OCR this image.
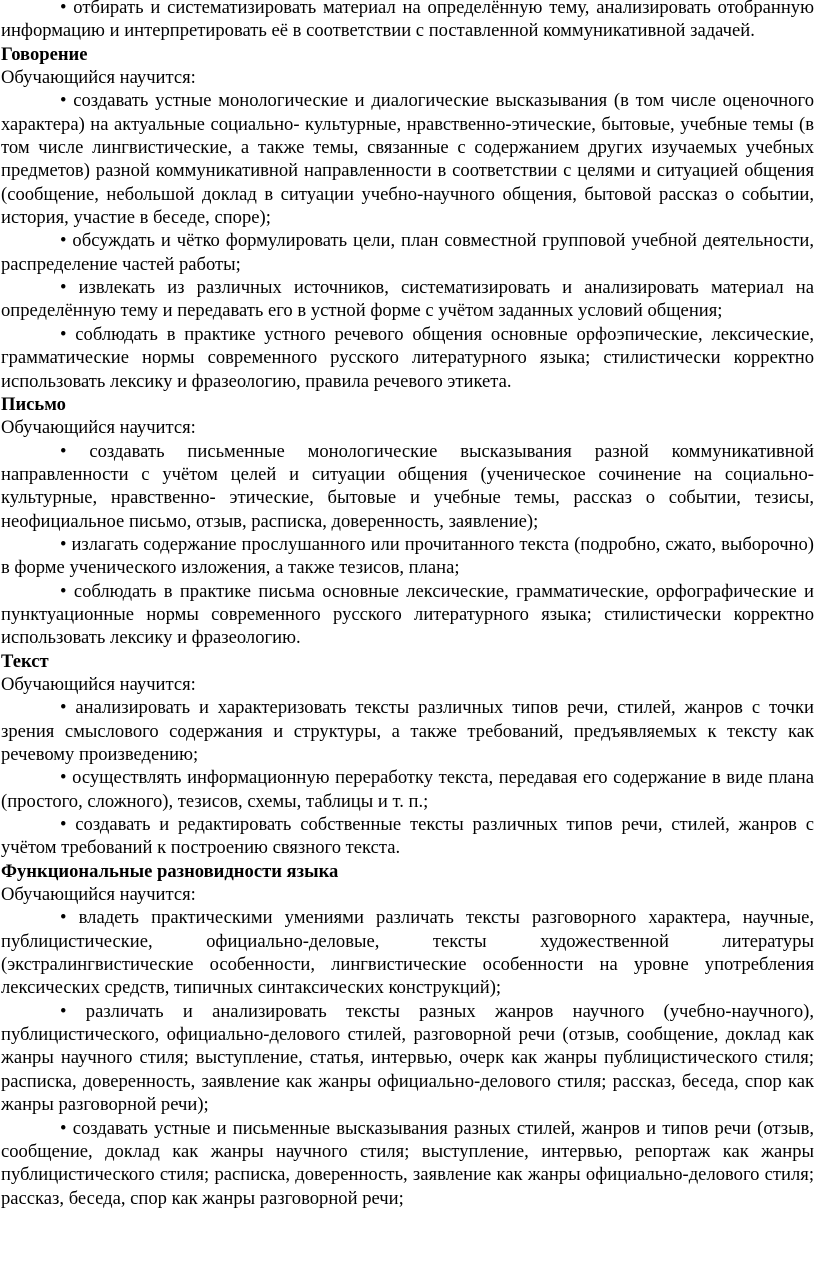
• отбирать и систематизировать материал на определённую тему, анализировать отобранную информацию и интерпретировать её в соответствии с поставленной коммуникативной задачей.

Говорение

Обучающийся научится:

• создавать устные монологические и диалогические высказывания (в том числе оценочного характера) на актуальные социально- культурные, нравственно-этические, бытовые, учебные темы (в том числе лингвистические, а также темы, связанные с содержанием других изучаемых учебных предметов) разной коммуникативной направленности в соответствии с целями и ситуацией общения (сообщение, небольшой доклад в ситуации учебно-научного общения, бытовой рассказ о событии, история, участие в беседе, споре);

• обсуждать и чётко формулировать цели, план совместной групповой учебной деятельности, распределение частей работы;

• извлекать из различных источников, систематизировать и анализировать материал на определённую тему и передавать его в устной форме с учётом заданных условий общения;

• соблюдать в практике устного речевого общения основные орфоэпические, лексические, грамматические нормы современного русского литературного языка; стилистически корректно использовать лексику и фразеологию, правила речевого этикета.

Письмо

Обучающийся научится:

• создавать письменные монологические высказывания разной коммуникативной направленности с учётом целей и ситуации общения (ученическое сочинение на социально-культурные, нравственно- этические, бытовые и учебные темы, рассказ о событии, тезисы, неофициальное письмо, отзыв, расписка, доверенность, заявление);

• излагать содержание прослушанного или прочитанного текста (подробно, сжато, выборочно) в форме ученического изложения, а также тезисов, плана;

• соблюдать в практике письма основные лексические, грамматические, орфографические и пунктуационные нормы современного русского литературного языка; стилистически корректно использовать лексику и фразеологию.

Текст

Обучающийся научится:

• анализировать и характеризовать тексты различных типов речи, стилей, жанров с точки зрения смыслового содержания и структуры, а также требований, предъявляемых к тексту как речевому произведению;

• осуществлять информационную переработку текста, передавая его содержание в виде плана (простого, сложного), тезисов, схемы, таблицы и т. п.;

• создавать и редактировать собственные тексты различных типов речи, стилей, жанров с учётом требований к построению связного текста.

Функциональные разновидности языка

Обучающийся научится:

• владеть практическими умениями различать тексты разговорного характера, научные, публицистические, официально-деловые, тексты художественной литературы (экстралингвистические особенности, лингвистические особенности на уровне употребления лексических средств, типичных синтаксических конструкций);

• различать и анализировать тексты разных жанров научного (учебно-научного), публицистического, официально-делового стилей, разговорной речи (отзыв, сообщение, доклад как жанры научного стиля; выступление, статья, интервью, очерк как жанры публицистического стиля; расписка, доверенность, заявление как жанры официально-делового стиля; рассказ, беседа, спор как жанры разговорной речи);

• создавать устные и письменные высказывания разных стилей, жанров и типов речи (отзыв, сообщение, доклад как жанры научного стиля; выступление, интервью, репортаж как жанры публицистического стиля; расписка, доверенность, заявление как жанры официально-делового стиля; рассказ, беседа, спор как жанры разговорной речи;
